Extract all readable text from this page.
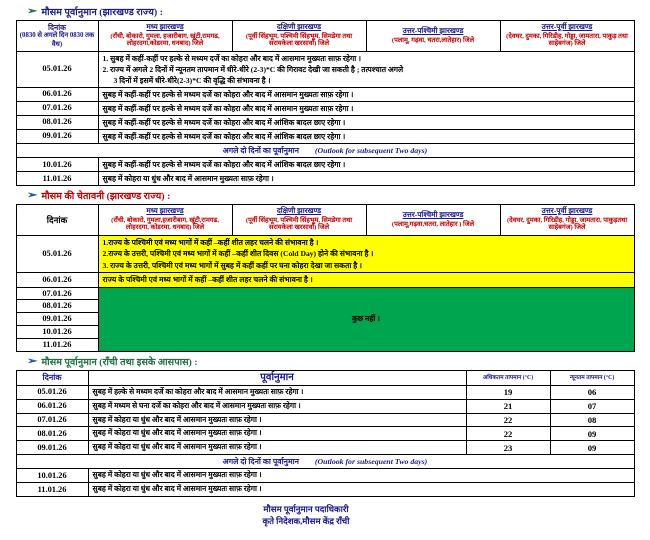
➢ मौसम पूर्वानुमान (झारखण्ड राज्य) :
दिनांक
(0830 से अगले दिन 0830 तक वैध)	मध्य झारखण्ड
(रॉंची, बोकारो, गुमला, हजारीबाग, खूंटी,रामगढ, लोहरदगा,कोडरमा, धनबाद) जिले	दक्षिणी झारखण्ड
(पूर्वी सिंहभूम, पश्चिमी सिंहभूम, सिमडेगा तथा सरायकेला खरसावाँ) जिले	उत्तर-पश्चिमी झारखण्ड
(पलामू, गढ़वा, चतरा,लातेहार) जिले	उत्तर-पूर्वी झारखण्ड
(देवघर, दुमका, गिरिडीह, गोड्डा, जामतारा, पाकुड़ तथा साहेबगंज) जिले

05.01.26	1. सुबह में कहीं-कहीं पर हल्के से मध्यम दर्जे का कोहरा और बाद में आसमान मुख्यतः साफ़ रहेगा ।
2. राज्य में अगले 2 दिनों में न्यूनतम तापमान में धीरे-धीरे (2-3)*C की गिरावट देखी जा सकती है ; तत्पश्चात अगले
3 दिनों में इसमें धीरे-धीरे(2-3)*C की वृद्धि की संभावना है ।			

06.01.26	सुबह में कहीं-कहीं पर हल्के से मध्यम दर्जे का कोहरा और बाद में आसमान मुख्यतः साफ़ रहेगा ।			

07.01.26	सुबह में कहीं-कहीं पर हल्के से मध्यम दर्जे का कोहरा और बाद में आसमान मुख्यतः साफ़ रहेगा ।			

08.01.26	सुबह में कहीं-कहीं पर हल्के से मध्यम दर्जे का कोहरा और बाद में आंशिक बादल छाए रहेगा ।			

09.01.26	सुबह में कहीं-कहीं पर हल्के से मध्यम दर्जे का कोहरा और बाद में आंशिक बादल छाए रहेगा ।			

अगले दो दिनों का पूर्वानुमान (Outlook for subsequent Two days)				
10.01.26	सुबह में कहीं-कहीं पर हल्के से मध्यम दर्जे का कोहरा और बाद में आंशिक बादल छाए रहेगा ।			

11.01.26	सुबह में कोहरा या धुंध और बाद में आसमान मुख्यतः साफ़ रहेगा ।			
➢ मौसम की चेतावनी (झारखण्ड राज्य) :
दिनांक	मध्य झारखण्ड
(रॉंची, बोकारो, गुमला,हजारीबाग, खूंटी,रामगढ, लोहरदगा, कोडरमा, धनबाद) जिले	दक्षिणी झारखण्ड
(पूर्वी सिंहभूम, पश्चिमी सिंहभूम, सिमडेगा तथा सरायकेला खरसावाँ) जिले	उत्तर-पश्चिमी झारखण्ड
(पलामू,गढ़वा,चतरा, लातेहार ) जिले	उत्तर-पूर्वी झारखण्ड
(देवघर, दुमका, गिरिडीह, गोड्डा, जामतारा, पाकुड़तथा साहेबगंज) जिले

05.01.26	1.राज्य के पश्चिमी एवं मध्य भागों में कहीं –कहीं शीत लहर चलने की संभावना है ।
2.राज्य के उत्तरी, पश्चिमी एवं मध्य भागों में कहीं –कहीं शीत दिवस (Cold Day) होने की संभावना है ।
3. राज्य के उत्तरी, पश्चिमी एवं मध्य भागों में सुबह में कहीं कहीं पर घना कोहरा देखा जा सकता है ।			

06.01.26	राज्य के पश्चिमी एवं मध्य भागों में कहीं –कहीं शीत लहर चलने की संभावना है ।			

07.01.26	कुछ नहीं ।			
08.01.26				
09.01.26				
10.01.26				
11.01.26				
➢ मौसम पूर्वानुमान (रॉंची तथा इसके आसपास) :
दिनांक	पूर्वानुमान	अधिकतम तापमान (°C)	न्यूनतम तापमान (°C)
05.01.26	सुबह में हल्के से मध्यम दर्जे का कोहरा और बाद में आसमान मुख्यतः साफ़ रहेगा ।	19	06
06.01.26	सुबह में मध्यम से घना दर्जे का कोहरा और बाद में आसमान मुख्यतः साफ़ रहेगा ।	21	07
07.01.26	सुबह में कोहरा या धुंध और बाद में आसमान मुख्यतः साफ़ रहेगा ।	22	08
08.01.26	सुबह में कोहरा या धुंध और बाद में आसमान मुख्यतः साफ़ रहेगा ।	22	09
09.01.26	सुबह में कोहरा या धुंध और बाद में आसमान मुख्यतः साफ़ रहेगा ।	23	09
अगले दो दिनों का पूर्वानुमान (Outlook for subsequent Two days)			
10.01.26	सुबह में कोहरा या धुंध और बाद में आसमान मुख्यतः साफ़ रहेगा ।		
11.01.26	सुबह में कोहरा या धुंध और बाद में आसमान मुख्यतः साफ़ रहेगा ।		
मौसम पूर्वानुमान पदाधिकारी
कृते निदेशक,मौसम केंद्र रॉंची
